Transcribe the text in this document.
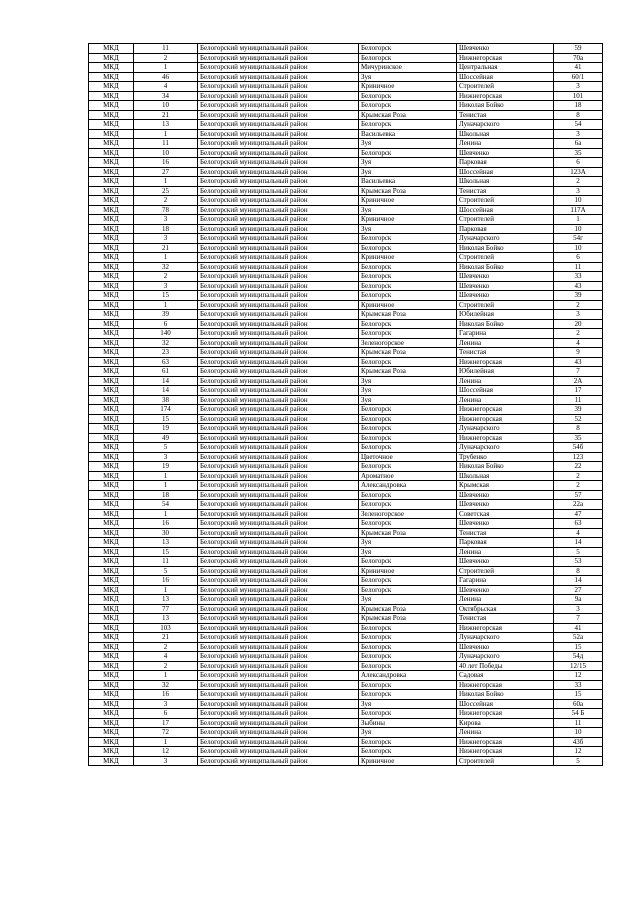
МКД	11	Белогорский муниципальный район	Белогорск	Шевченко	59
МКД	2	Белогорский муниципальный район	Белогорск	Нижнегорская	70а
МКД	1	Белогорский муниципальный район	Мичуринское	Центральная	41
МКД	46	Белогорский муниципальный район	Зуя	Шоссейная	60/1
МКД	4	Белогорский муниципальный район	Криничное	Строителей	3
МКД	34	Белогорский муниципальный район	Белогорск	Нижнегорская	101
МКД	10	Белогорский муниципальный район	Белогорск	Николая Бойко	18
МКД	21	Белогорский муниципальный район	Крымская Роза	Тенистая	8
МКД	13	Белогорский муниципальный район	Белогорск	Луначарского	54
МКД	1	Белогорский муниципальный район	Васильевка	Школьная	3
МКД	11	Белогорский муниципальный район	Зуя	Ленина	6а
МКД	10	Белогорский муниципальный район	Белогорск	Шевченко	35
МКД	16	Белогорский муниципальный район	Зуя	Парковая	6
МКД	27	Белогорский муниципальный район	Зуя	Шоссейная	123А
МКД	1	Белогорский муниципальный район	Васильевка	Школьная	2
МКД	25	Белогорский муниципальный район	Крымская Роза	Тенистая	3
МКД	2	Белогорский муниципальный район	Криничное	Строителей	10
МКД	78	Белогорский муниципальный район	Зуя	Шоссейная	117А
МКД	3	Белогорский муниципальный район	Криничное	Строителей	1
МКД	18	Белогорский муниципальный район	Зуя	Парковая	10
МКД	3	Белогорский муниципальный район	Белогорск	Луначарского	54г
МКД	21	Белогорский муниципальный район	Белогорск	Николая Бойко	10
МКД	1	Белогорский муниципальный район	Криничное	Строителей	6
МКД	32	Белогорский муниципальный район	Белогорск	Николая Бойко	11
МКД	2	Белогорский муниципальный район	Белогорск	Шевченко	33
МКД	3	Белогорский муниципальный район	Белогорск	Шевченко	43
МКД	15	Белогорский муниципальный район	Белогорск	Шевченко	39
МКД	1	Белогорский муниципальный район	Криничное	Строителей	2
МКД	39	Белогорский муниципальный район	Крымская Роза	Юбилейная	3
МКД	6	Белогорский муниципальный район	Белогорск	Николая Бойко	20
МКД	140	Белогорский муниципальный район	Белогорск	Гагарина	2
МКД	32	Белогорский муниципальный район	Зеленогорское	Ленина	4
МКД	23	Белогорский муниципальный район	Крымская Роза	Тенистая	9
МКД	63	Белогорский муниципальный район	Белогорск	Нижнегорская	43
МКД	61	Белогорский муниципальный район	Крымская Роза	Юбилейная	7
МКД	14	Белогорский муниципальный район	Зуя	Ленина	2А
МКД	14	Белогорский муниципальный район	Зуя	Шоссейная	17
МКД	38	Белогорский муниципальный район	Зуя	Ленина	11
МКД	174	Белогорский муниципальный район	Белогорск	Нижнегорская	39
МКД	15	Белогорский муниципальный район	Белогорск	Нижнегорская	52
МКД	19	Белогорский муниципальный район	Белогорск	Луначарского	8
МКД	49	Белогорский муниципальный район	Белогорск	Нижнегорская	35
МКД	5	Белогорский муниципальный район	Белогорск	Луначарского	54б
МКД	3	Белогорский муниципальный район	Цветочное	Трубенко	123
МКД	19	Белогорский муниципальный район	Белогорск	Николая Бойко	22
МКД	1	Белогорский муниципальный район	Ароматное	Школьная	2
МКД	1	Белогорский муниципальный район	Александровка	Крымская	2
МКД	18	Белогорский муниципальный район	Белогорск	Шевченко	57
МКД	54	Белогорский муниципальный район	Белогорск	Шевченко	22а
МКД	1	Белогорский муниципальный район	Зеленогорское	Советская	47
МКД	16	Белогорский муниципальный район	Белогорск	Шевченко	63
МКД	30	Белогорский муниципальный район	Крымская Роза	Тенистая	4
МКД	13	Белогорский муниципальный район	Зуя	Парковая	14
МКД	15	Белогорский муниципальный район	Зуя	Ленина	5
МКД	11	Белогорский муниципальный район	Белогорск	Шевченко	53
МКД	5	Белогорский муниципальный район	Криничное	Строителей	8
МКД	16	Белогорский муниципальный район	Белогорск	Гагарина	14
МКД	1	Белогорский муниципальный район	Белогорск	Шевченко	27
МКД	13	Белогорский муниципальный район	Зуя	Ленина	9а
МКД	77	Белогорский муниципальный район	Крымская Роза	Октябрьская	3
МКД	13	Белогорский муниципальный район	Крымская Роза	Тенистая	7
МКД	103	Белогорский муниципальный район	Белогорск	Нижнегорская	41
МКД	21	Белогорский муниципальный район	Белогорск	Луначарского	52а
МКД	2	Белогорский муниципальный район	Белогорск	Шевченко	15
МКД	4	Белогорский муниципальный район	Белогорск	Луначарского	54д
МКД	2	Белогорский муниципальный район	Белогорск	40 лет Победы	12/15
МКД	1	Белогорский муниципальный район	Александровка	Садовая	12
МКД	32	Белогорский муниципальный район	Белогорск	Нижнегорская	33
МКД	16	Белогорский муниципальный район	Белогорск	Николая Бойко	15
МКД	3	Белогорский муниципальный район	Зуя	Шоссейная	60а
МКД	6	Белогорский муниципальный район	Белогорск	Нижнегорская	54 Б
МКД	17	Белогорский муниципальный район	Зыбины	Кирова	11
МКД	72	Белогорский муниципальный район	Зуя	Ленина	10
МКД	1	Белогорский муниципальный район	Белогорск	Нижнегорская	43б
МКД	12	Белогорский муниципальный район	Белогорск	Нижнегорская	12
МКД	3	Белогорский муниципальный район	Криничное	Строителей	5
